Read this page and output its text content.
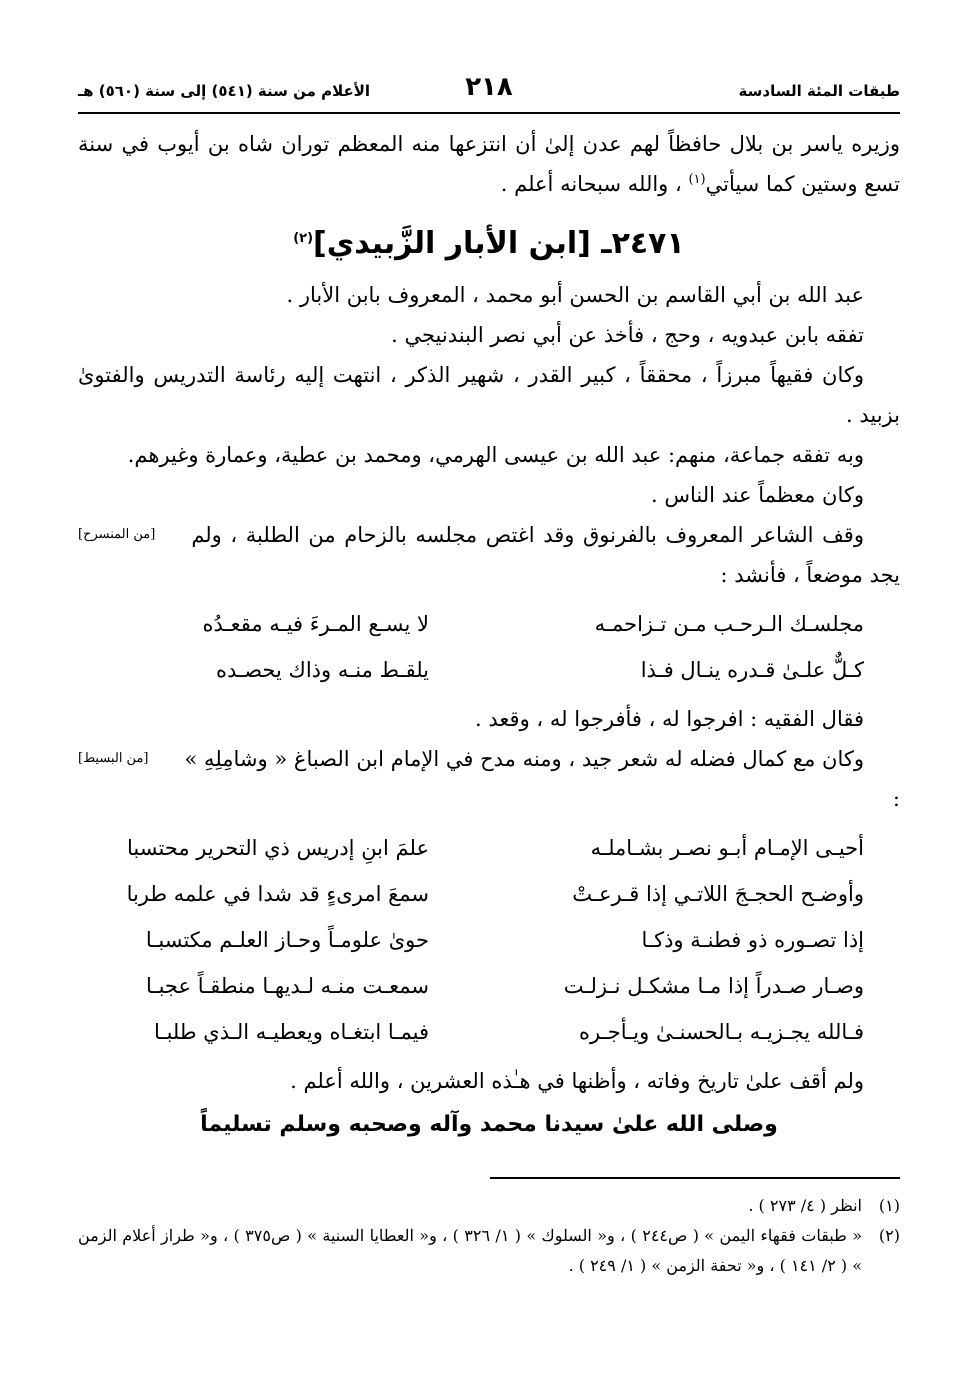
طبقات المئة السادسة
٢١٨
الأعلام من سنة (٥٤١) إلى سنة (٥٦٠) هـ

وزيره ياسر بن بلال حافظاً لهم عدن إلىٰ أن انتزعها منه المعظم توران شاه بن أيوب في سنة تسع وستين كما سيأتي$^{(١)}$ ، والله سبحانه أعلم .

٢٤٧١ـ [ابن الأبار الزَّبيدي]$^{(٢)}$

عبد الله بن أبي القاسم بن الحسن أبو محمد ، المعروف بابن الأبار .

تفقه بابن عبدويه ، وحج ، فأخذ عن أبي نصر البندنيجي .

وكان فقيهاً مبرزاً ، محققاً ، كبير القدر ، شهير الذكر ، انتهت إليه رئاسة التدريس والفتوىٰ بزبيد .

وبه تفقه جماعة، منهم: عبد الله بن عيسى الهرمي، ومحمد بن عطية، وعمارة وغيرهم.

وكان معظماً عند الناس .

[من المنسرح]	وقف الشاعر المعروف بالفرنوق وقد اغتص مجلسه بالزحام من الطلبة ، ولم يجد موضعاً ، فأنشد :

مجلسـك الـرحـب مـن تـزاحمـه
لا يسـع المـرءَ فيـه مقعـدُه
كـلٌّ علـىٰ قـدره ينـال فـذا
يلقـط منـه وذاك يحصـده

فقال الفقيه : افرجوا له ، فأفرجوا له ، وقعد .

[من البسيط]	وكان مع كمال فضله له شعر جيد ، ومنه مدح في الإمام ابن الصباغ « وشامِلِهِ » :

أحيـى الإمـام أبـو نصـر بشـاملـه
علمَ ابنِ إدريس ذي التحرير محتسبا
وأوضـح الحجـجَ اللاتـي إذا قـرعـتْ
سمعَ امرىءٍ قد شدا في علمه طربا
إذا تصـوره ذو فطنـة وذكـا
حوىٰ علومـاً وحـاز العلـم مكتسبـا
وصـار صـدراً إذا مـا مشكـل نـزلـت
سمعـت منـه لـديهـا منطقـاً عجبـا
فـالله يجـزيـه بـالحسنـىٰ ويـأجـره
فيمـا ابتغـاه ويعطيـه الـذي طلبـا

ولم أقف علىٰ تاريخ وفاته ، وأظنها في هـٰذه العشرين ، والله أعلم .

وصلى الله علىٰ سيدنا محمد وآله وصحبه وسلم تسليماً
(١)
انظر ( ٤/ ٢٧٣ ) .
(٢)
« طبقات فقهاء اليمن » ( ص٢٤٤ ) ، و« السلوك » ( ١/ ٣٢٦ ) ، و« العطايا السنية » ( ص٣٧٥ ) ، و« طراز أعلام الزمن » ( ٢/ ١٤١ ) ، و« تحفة الزمن » ( ١/ ٢٤٩ ) .
